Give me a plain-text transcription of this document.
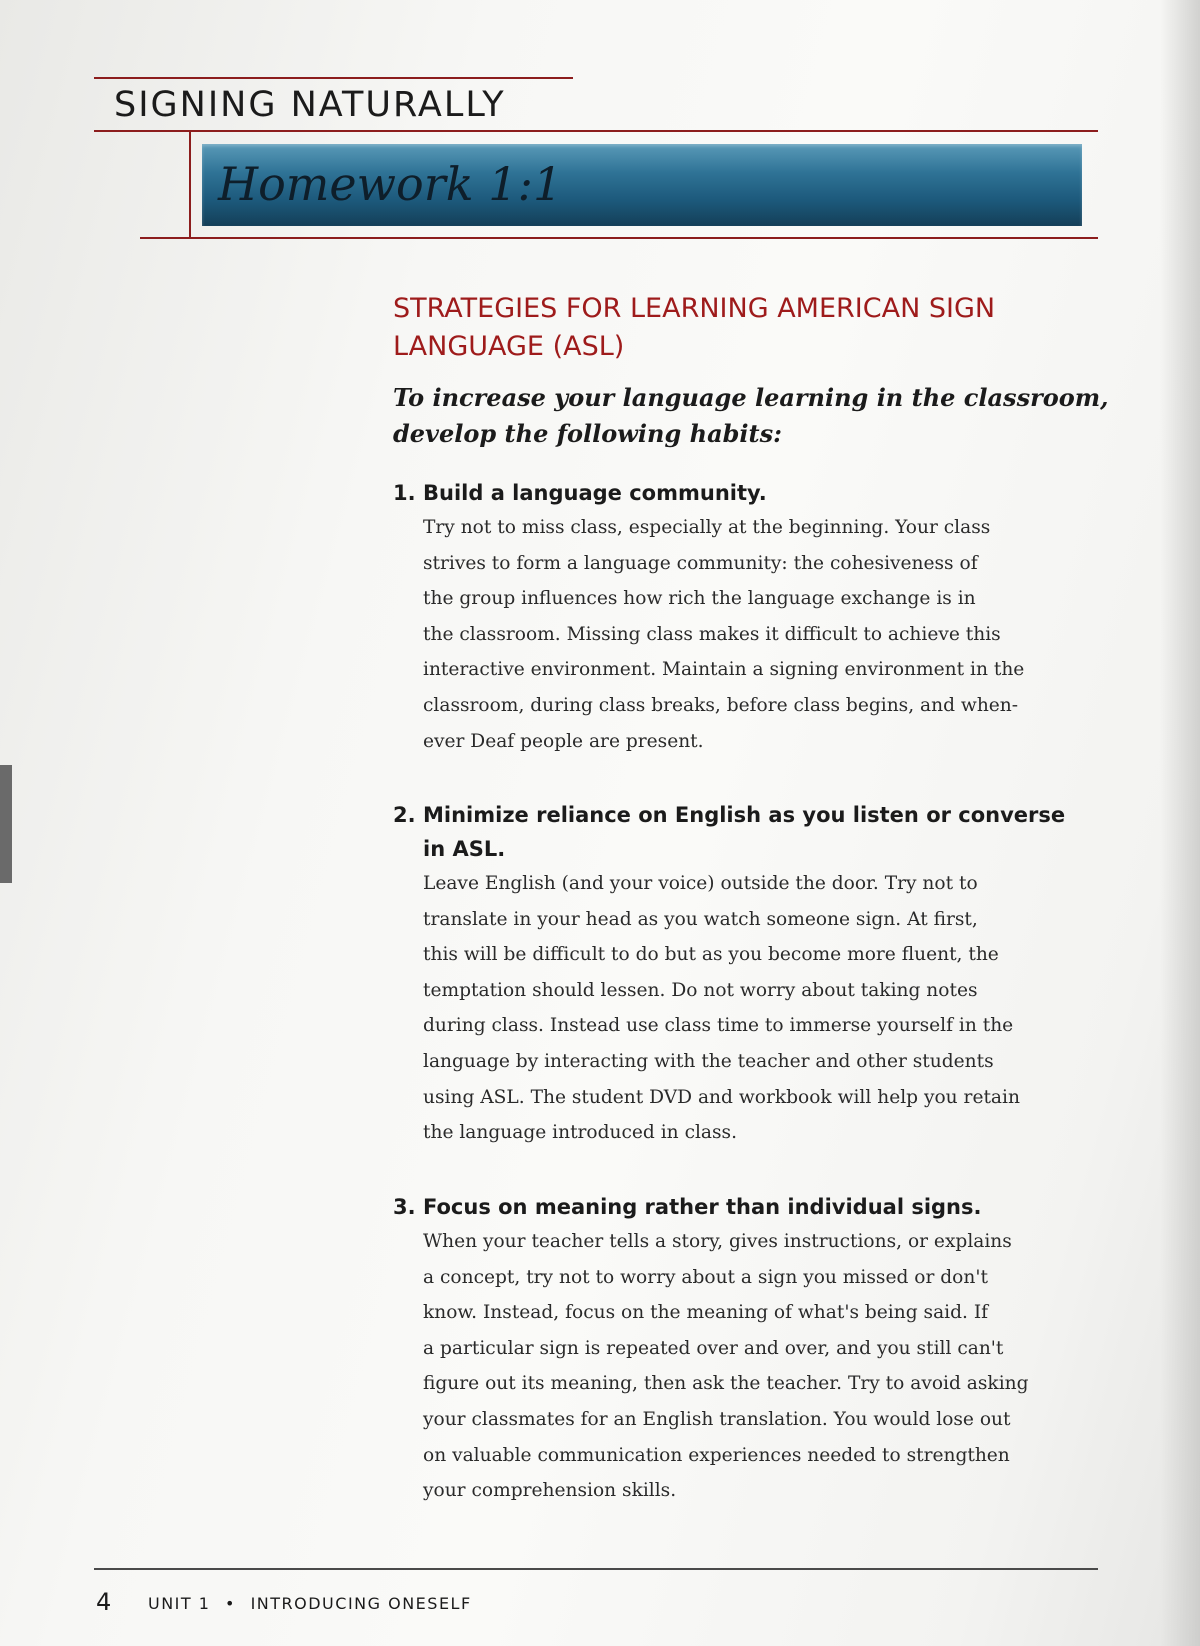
SIGNING NATURALLY
Homework 1:1
STRATEGIES FOR LEARNING AMERICAN SIGN
LANGUAGE (ASL)

To increase your language learning in the classroom,
develop the following habits:

1. Build a language community.
Try not to miss class, especially at the beginning. Your class
strives to form a language community: the cohesiveness of
the group influences how rich the language exchange is in
the classroom. Missing class makes it difficult to achieve this
interactive environment. Maintain a signing environment in the
classroom, during class breaks, before class begins, and when-
ever Deaf people are present.
2. Minimize reliance on English as you listen or converse
in ASL.
Leave English (and your voice) outside the door. Try not to
translate in your head as you watch someone sign. At first,
this will be difficult to do but as you become more fluent, the
temptation should lessen. Do not worry about taking notes
during class. Instead use class time to immerse yourself in the
language by interacting with the teacher and other students
using ASL. The student DVD and workbook will help you retain
the language introduced in class.
3. Focus on meaning rather than individual signs.
When your teacher tells a story, gives instructions, or explains
a concept, try not to worry about a sign you missed or don't
know. Instead, focus on the meaning of what's being said. If
a particular sign is repeated over and over, and you still can't
figure out its meaning, then ask the teacher. Try to avoid asking
your classmates for an English translation. You would lose out
on valuable communication experiences needed to strengthen
your comprehension skills.
4 UNIT 1 • INTRODUCING ONESELF
